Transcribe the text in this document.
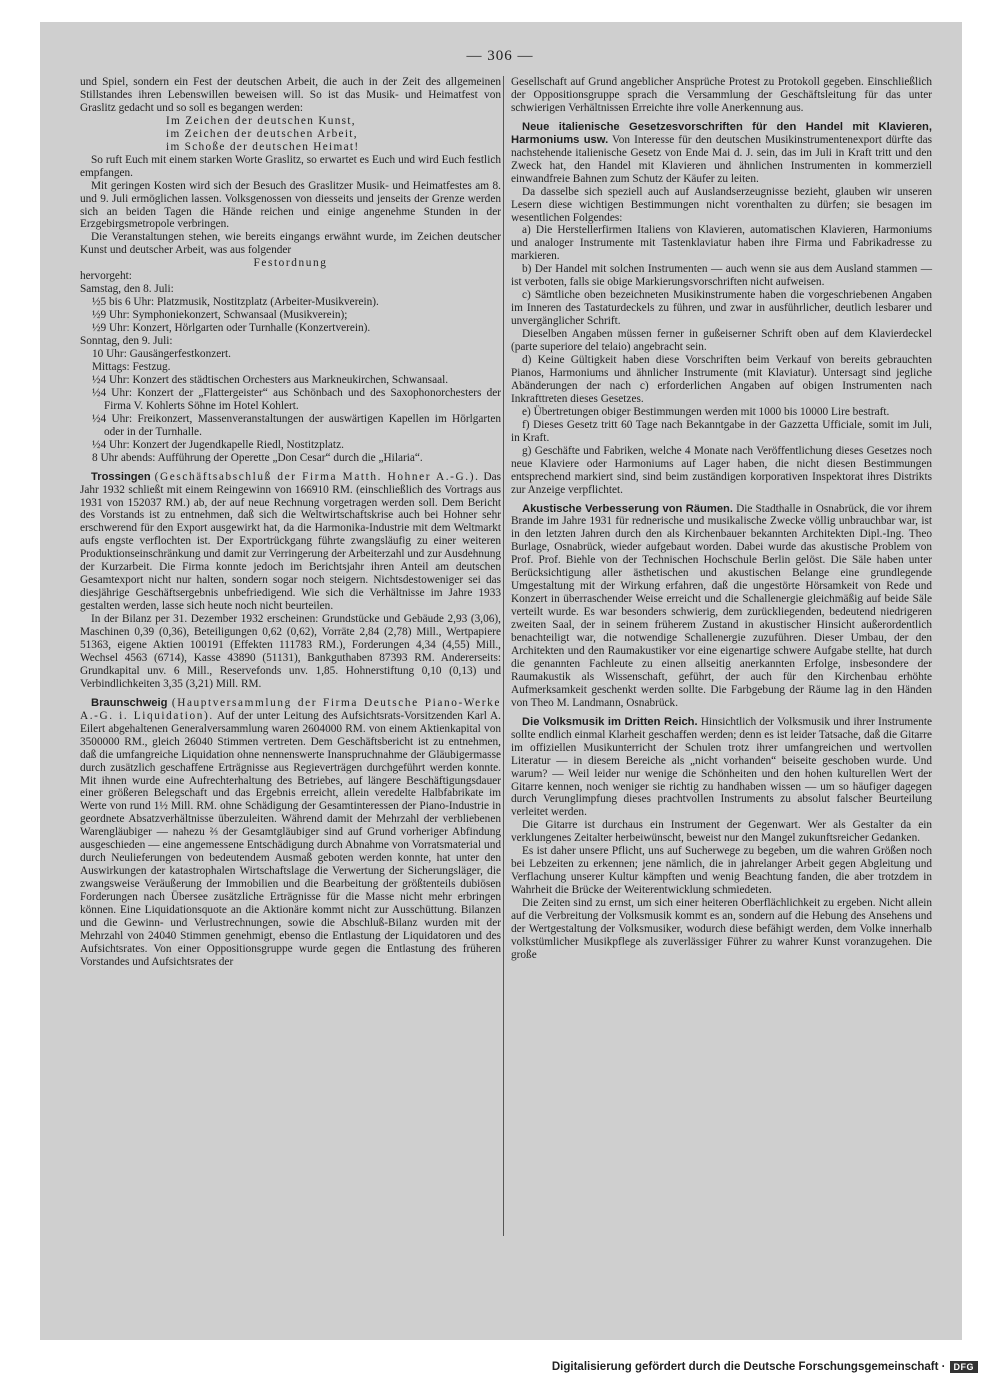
— 306 —

und Spiel, sondern ein Fest der deutschen Arbeit, die auch in der Zeit des allgemeinen Stillstandes ihren Lebenswillen beweisen will. So ist das Musik- und Heimatfest von Graslitz gedacht und so soll es begangen werden:

Im Zeichen der deutschen Kunst,

im Zeichen der deutschen Arbeit,

im Schoße der deutschen Heimat!

So ruft Euch mit einem starken Worte Graslitz, so erwartet es Euch und wird Euch festlich empfangen.

Mit geringen Kosten wird sich der Besuch des Graslitzer Musik- und Heimatfestes am 8. und 9. Juli ermöglichen lassen. Volksgenossen von diesseits und jenseits der Grenze werden sich an beiden Tagen die Hände reichen und einige angenehme Stunden in der Erzgebirgsmetropole verbringen.

Die Veranstaltungen stehen, wie bereits eingangs erwähnt wurde, im Zeichen deutscher Kunst und deutscher Arbeit, was aus folgender

Festordnung

hervorgeht:

Samstag, den 8. Juli:

½5 bis 6 Uhr: Platzmusik, Nostitzplatz (Arbeiter-Musikverein).

½9 Uhr: Symphoniekonzert, Schwansaal (Musikverein);

½9 Uhr: Konzert, Hörlgarten oder Turnhalle (Konzertverein).

Sonntag, den 9. Juli:

10 Uhr: Gausängerfestkonzert.

Mittags: Festzug.

½4 Uhr: Konzert des städtischen Orchesters aus Markneukirchen, Schwansaal.

½4 Uhr: Konzert der „Flattergeister“ aus Schönbach und des Saxophonorchesters der Firma V. Kohlerts Söhne im Hotel Kohlert.

½4 Uhr: Freikonzert, Massenveranstaltungen der auswärtigen Kapellen im Hörlgarten oder in der Turnhalle.

½4 Uhr: Konzert der Jugendkapelle Riedl, Nostitzplatz.

8 Uhr abends: Aufführung der Operette „Don Cesar“ durch die „Hilaria“.

Trossingen (Geschäftsabschluß der Firma Matth. Hohner A.-G.). Das Jahr 1932 schließt mit einem Reingewinn von 166910 RM. (einschließlich des Vortrags aus 1931 von 152037 RM.) ab, der auf neue Rechnung vorgetragen werden soll. Dem Bericht des Vorstands ist zu entnehmen, daß sich die Weltwirtschaftskrise auch bei Hohner sehr erschwerend für den Export ausgewirkt hat, da die Harmonika-Industrie mit dem Weltmarkt aufs engste verflochten ist. Der Exportrückgang führte zwangsläufig zu einer weiteren Produktionseinschränkung und damit zur Verringerung der Arbeiterzahl und zur Ausdehnung der Kurzarbeit. Die Firma konnte jedoch im Berichtsjahr ihren Anteil am deutschen Gesamtexport nicht nur halten, sondern sogar noch steigern. Nichtsdestoweniger sei das diesjährige Geschäftsergebnis unbefriedigend. Wie sich die Verhältnisse im Jahre 1933 gestalten werden, lasse sich heute noch nicht beurteilen.

In der Bilanz per 31. Dezember 1932 erscheinen: Grundstücke und Gebäude 2,93 (3,06), Maschinen 0,39 (0,36), Beteiligungen 0,62 (0,62), Vorräte 2,84 (2,78) Mill., Wertpapiere 51363, eigene Aktien 100191 (Effekten 111783 RM.), Forderungen 4,34 (4,55) Mill., Wechsel 4563 (6714), Kasse 43890 (51131), Bankguthaben 87393 RM. Andererseits: Grundkapital unv. 6 Mill., Reservefonds unv. 1,85. Hohnerstiftung 0,10 (0,13) und Verbindlichkeiten 3,35 (3,21) Mill. RM.

Braunschweig (Hauptversammlung der Firma Deutsche Piano-Werke A.-G. i. Liquidation). Auf der unter Leitung des Aufsichtsrats-Vorsitzenden Karl A. Eilert abgehaltenen Generalversammlung waren 2604000 RM. von einem Aktienkapital von 3500000 RM., gleich 26040 Stimmen vertreten. Dem Geschäftsbericht ist zu entnehmen, daß die umfangreiche Liquidation ohne nennenswerte Inanspruchnahme der Gläubigermasse durch zusätzlich geschaffene Erträgnisse aus Regieverträgen durchgeführt werden konnte. Mit ihnen wurde eine Aufrechterhaltung des Betriebes, auf längere Beschäftigungsdauer einer größeren Belegschaft und das Ergebnis erreicht, allein veredelte Halbfabrikate im Werte von rund 1½ Mill. RM. ohne Schädigung der Gesamtinteressen der Piano-Industrie in geordnete Absatzverhältnisse überzuleiten. Während damit der Mehrzahl der verbliebenen Warengläubiger — nahezu ⅔ der Gesamtgläubiger sind auf Grund vorheriger Abfindung ausgeschieden — eine angemessene Entschädigung durch Abnahme von Vorratsmaterial und durch Neulieferungen von bedeutendem Ausmaß geboten werden konnte, hat unter den Auswirkungen der katastrophalen Wirtschaftslage die Verwertung der Sicherungsläger, die zwangsweise Veräußerung der Immobilien und die Bearbeitung der größtenteils dubiösen Forderungen nach Übersee zusätzliche Erträgnisse für die Masse nicht mehr erbringen können. Eine Liquidationsquote an die Aktionäre kommt nicht zur Ausschüttung. Bilanzen und die Gewinn- und Verlustrechnungen, sowie die Abschluß-Bilanz wurden mit der Mehrzahl von 24040 Stimmen genehmigt, ebenso die Entlastung der Liquidatoren und des Aufsichtsrates. Von einer Oppositionsgruppe wurde gegen die Entlastung des früheren Vorstandes und Aufsichtsrates der

Gesellschaft auf Grund angeblicher Ansprüche Protest zu Protokoll gegeben. Einschließlich der Oppositionsgruppe sprach die Versammlung der Geschäftsleitung für das unter schwierigen Verhältnissen Erreichte ihre volle Anerkennung aus.

Neue italienische Gesetzesvorschriften für den Handel mit Klavieren, Harmoniums usw. Von Interesse für den deutschen Musikinstrumentenexport dürfte das nachstehende italienische Gesetz von Ende Mai d. J. sein, das im Juli in Kraft tritt und den Zweck hat, den Handel mit Klavieren und ähnlichen Instrumenten in kommerziell einwandfreie Bahnen zum Schutz der Käufer zu leiten.

Da dasselbe sich speziell auch auf Auslandserzeugnisse bezieht, glauben wir unseren Lesern diese wichtigen Bestimmungen nicht vorenthalten zu dürfen; sie besagen im wesentlichen Folgendes:

a) Die Herstellerfirmen Italiens von Klavieren, automatischen Klavieren, Harmoniums und analoger Instrumente mit Tastenklaviatur haben ihre Firma und Fabrikadresse zu markieren.

b) Der Handel mit solchen Instrumenten — auch wenn sie aus dem Ausland stammen — ist verboten, falls sie obige Markierungsvorschriften nicht aufweisen.

c) Sämtliche oben bezeichneten Musikinstrumente haben die vorgeschriebenen Angaben im Inneren des Tastaturdeckels zu führen, und zwar in ausführlicher, deutlich lesbarer und unvergänglicher Schrift.

Dieselben Angaben müssen ferner in gußeiserner Schrift oben auf dem Klavierdeckel (parte superiore del telaio) angebracht sein.

d) Keine Gültigkeit haben diese Vorschriften beim Verkauf von bereits gebrauchten Pianos, Harmoniums und ähnlicher Instrumente (mit Klaviatur). Untersagt sind jegliche Abänderungen der nach c) erforderlichen Angaben auf obigen Instrumenten nach Inkrafttreten dieses Gesetzes.

e) Übertretungen obiger Bestimmungen werden mit 1000 bis 10000 Lire bestraft.

f) Dieses Gesetz tritt 60 Tage nach Bekanntgabe in der Gazzetta Ufficiale, somit im Juli, in Kraft.

g) Geschäfte und Fabriken, welche 4 Monate nach Veröffentlichung dieses Gesetzes noch neue Klaviere oder Harmoniums auf Lager haben, die nicht diesen Bestimmungen entsprechend markiert sind, sind beim zuständigen korporativen Inspektorat ihres Distrikts zur Anzeige verpflichtet.

Akustische Verbesserung von Räumen. Die Stadthalle in Osnabrück, die vor ihrem Brande im Jahre 1931 für rednerische und musikalische Zwecke völlig unbrauchbar war, ist in den letzten Jahren durch den als Kirchenbauer bekannten Architekten Dipl.-Ing. Theo Burlage, Osnabrück, wieder aufgebaut worden. Dabei wurde das akustische Problem von Prof. Prof. Biehle von der Technischen Hochschule Berlin gelöst. Die Säle haben unter Berücksichtigung aller ästhetischen und akustischen Belange eine grundlegende Umgestaltung mit der Wirkung erfahren, daß die ungestörte Hörsamkeit von Rede und Konzert in überraschender Weise erreicht und die Schallenergie gleichmäßig auf beide Säle verteilt wurde. Es war besonders schwierig, dem zurückliegenden, bedeutend niedrigeren zweiten Saal, der in seinem früherem Zustand in akustischer Hinsicht außerordentlich benachteiligt war, die notwendige Schallenergie zuzuführen. Dieser Umbau, der den Architekten und den Raumakustiker vor eine eigenartige schwere Aufgabe stellte, hat durch die genannten Fachleute zu einen allseitig anerkannten Erfolge, insbesondere der Raumakustik als Wissenschaft, geführt, der auch für den Kirchenbau erhöhte Aufmerksamkeit geschenkt werden sollte. Die Farbgebung der Räume lag in den Händen von Theo M. Landmann, Osnabrück.

Die Volksmusik im Dritten Reich. Hinsichtlich der Volksmusik und ihrer Instrumente sollte endlich einmal Klarheit geschaffen werden; denn es ist leider Tatsache, daß die Gitarre im offiziellen Musikunterricht der Schulen trotz ihrer umfangreichen und wertvollen Literatur — in diesem Bereiche als „nicht vorhanden“ beiseite geschoben wurde. Und warum? — Weil leider nur wenige die Schönheiten und den hohen kulturellen Wert der Gitarre kennen, noch weniger sie richtig zu handhaben wissen — um so häufiger dagegen durch Verunglimpfung dieses prachtvollen Instruments zu absolut falscher Beurteilung verleitet werden.

Die Gitarre ist durchaus ein Instrument der Gegenwart. Wer als Gestalter da ein verklungenes Zeitalter herbeiwünscht, beweist nur den Mangel zukunftsreicher Gedanken.

Es ist daher unsere Pflicht, uns auf Sucherwege zu begeben, um die wahren Größen noch bei Lebzeiten zu erkennen; jene nämlich, die in jahrelanger Arbeit gegen Abgleitung und Verflachung unserer Kultur kämpften und wenig Beachtung fanden, die aber trotzdem in Wahrheit die Brücke der Weiterentwicklung schmiedeten.

Die Zeiten sind zu ernst, um sich einer heiteren Oberflächlichkeit zu ergeben. Nicht allein auf die Verbreitung der Volksmusik kommt es an, sondern auf die Hebung des Ansehens und der Wertgestaltung der Volksmusiker, wodurch diese befähigt werden, dem Volke innerhalb volkstümlicher Musikpflege als zuverlässiger Führer zu wahrer Kunst voranzugehen. Die große

Digitalisierung gefördert durch die Deutsche Forschungsgemeinschaft · DFG
